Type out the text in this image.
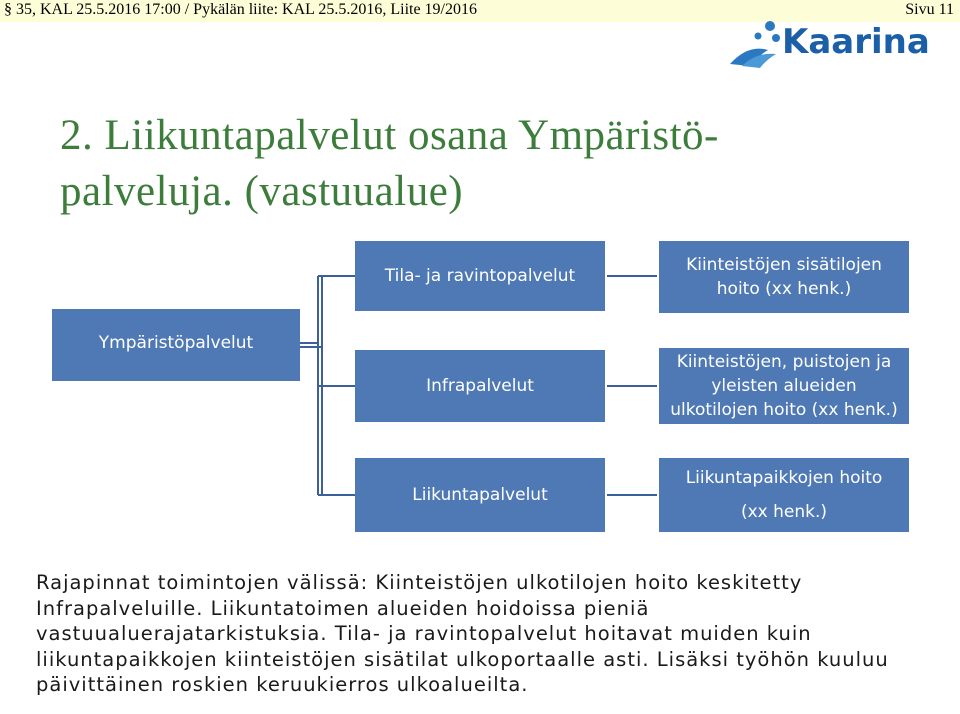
§ 35, KAL 25.5.2016 17:00 / Pykälän liite: KAL 25.5.2016, Liite 19/2016	Sivu 11
Kaarina
2. Liikuntapalvelut osana Ympäristö-
palveluja. (vastuualue)
Ympäristöpalvelut
Tila- ja ravintopalvelut
Infrapalvelut
Liikuntapalvelut
Kiinteistöjen sisätilojen
hoito (xx henk.)
Kiinteistöjen, puistojen ja
yleisten alueiden
ulkotilojen hoito (xx henk.)
Liikuntapaikkojen hoito
(xx henk.)
Rajapinnat toimintojen välissä: Kiinteistöjen ulkotilojen hoito keskitetty
Infrapalveluille. Liikuntatoimen alueiden hoidoissa pieniä
vastuualuerajatarkistuksia. Tila- ja ravintopalvelut hoitavat muiden kuin
liikuntapaikkojen kiinteistöjen sisätilat ulkoportaalle asti. Lisäksi työhön kuuluu
päivittäinen roskien keruukierros ulkoalueilta.
